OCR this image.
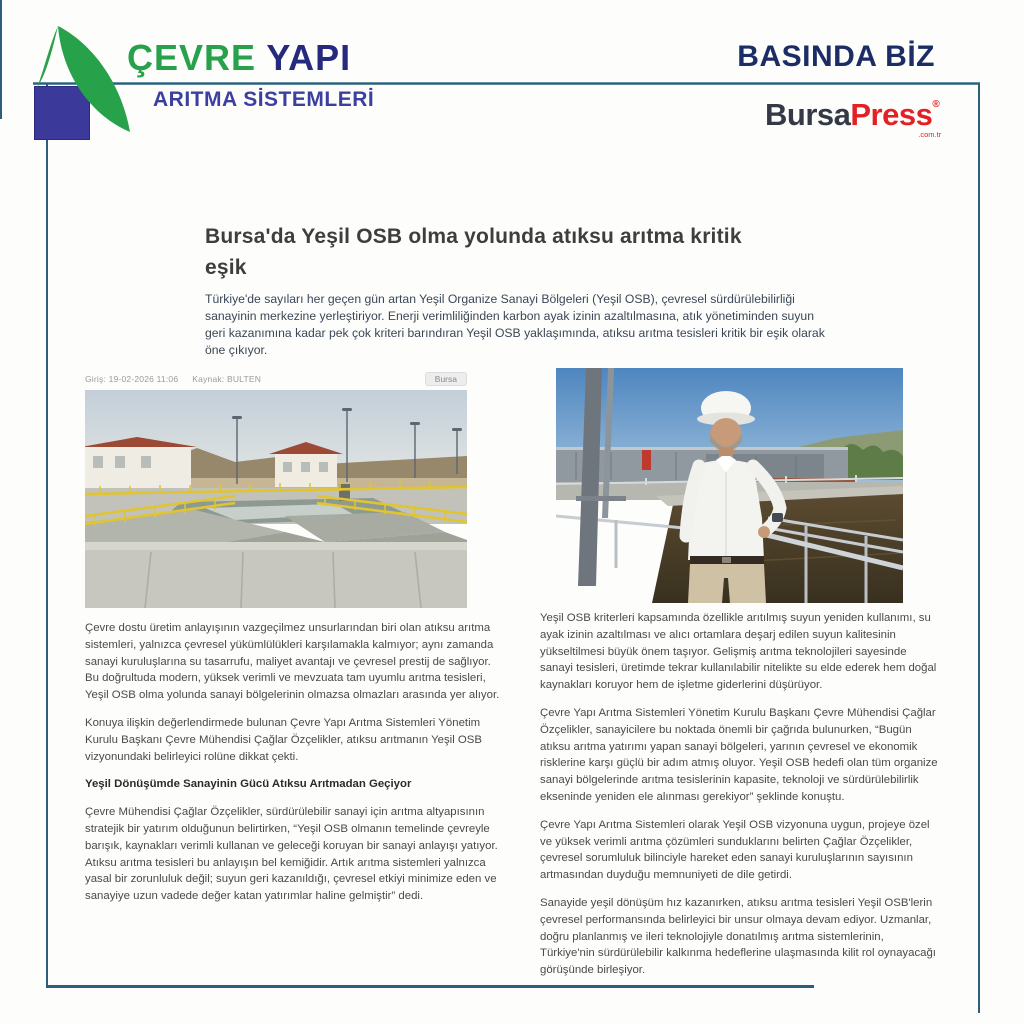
ÇEVRE YAPI
ARITMA SİSTEMLERİ
BASINDA BİZ
BursaPress®
.com.tr
Bursa'da Yeşil OSB olma yolunda atıksu arıtma kritik eşik
Türkiye'de sayıları her geçen gün artan Yeşil Organize Sanayi Bölgeleri (Yeşil OSB), çevresel sürdürülebilirliği sanayinin merkezine yerleştiriyor. Enerji verimliliğinden karbon ayak izinin azaltılmasına, atık yönetiminden suyun geri kazanımına kadar pek çok kriteri barındıran Yeşil OSB yaklaşımında, atıksu arıtma tesisleri kritik bir eşik olarak öne çıkıyor.
Giriş: 19-02-2026 11:06 Kaynak: BULTEN	Bursa

Çevre dostu üretim anlayışının vazgeçilmez unsurlarından biri olan atıksu arıtma sistemleri, yalnızca çevresel yükümlülükleri karşılamakla kalmıyor; aynı zamanda sanayi kuruluşlarına su tasarrufu, maliyet avantajı ve çevresel prestij de sağlıyor. Bu doğrultuda modern, yüksek verimli ve mevzuata tam uyumlu arıtma tesisleri, Yeşil OSB olma yolunda sanayi bölgelerinin olmazsa olmazları arasında yer alıyor.

Konuya ilişkin değerlendirmede bulunan Çevre Yapı Arıtma Sistemleri Yönetim Kurulu Başkanı Çevre Mühendisi Çağlar Özçelikler, atıksu arıtmanın Yeşil OSB vizyonundaki belirleyici rolüne dikkat çekti.

Yeşil Dönüşümde Sanayinin Gücü Atıksu Arıtmadan Geçiyor

Çevre Mühendisi Çağlar Özçelikler, sürdürülebilir sanayi için arıtma altyapısının stratejik bir yatırım olduğunun belirtirken, “Yeşil OSB olmanın temelinde çevreyle barışık, kaynakları verimli kullanan ve geleceği koruyan bir sanayi anlayışı yatıyor. Atıksu arıtma tesisleri bu anlayışın bel kemiğidir. Artık arıtma sistemleri yalnızca yasal bir zorunluluk değil; suyun geri kazanıldığı, çevresel etkiyi minimize eden ve sanayiye uzun vadede değer katan yatırımlar haline gelmiştir” dedi.

Yeşil OSB kriterleri kapsamında özellikle arıtılmış suyun yeniden kullanımı, su ayak izinin azaltılması ve alıcı ortamlara deşarj edilen suyun kalitesinin yükseltilmesi büyük önem taşıyor. Gelişmiş arıtma teknolojileri sayesinde sanayi tesisleri, üretimde tekrar kullanılabilir nitelikte su elde ederek hem doğal kaynakları koruyor hem de işletme giderlerini düşürüyor.

Çevre Yapı Arıtma Sistemleri Yönetim Kurulu Başkanı Çevre Mühendisi Çağlar Özçelikler, sanayicilere bu noktada önemli bir çağrıda bulunurken, “Bugün atıksu arıtma yatırımı yapan sanayi bölgeleri, yarının çevresel ve ekonomik risklerine karşı güçlü bir adım atmış oluyor. Yeşil OSB hedefi olan tüm organize sanayi bölgelerinde arıtma tesislerinin kapasite, teknoloji ve sürdürülebilirlik ekseninde yeniden ele alınması gerekiyor” şeklinde konuştu.

Çevre Yapı Arıtma Sistemleri olarak Yeşil OSB vizyonuna uygun, projeye özel ve yüksek verimli arıtma çözümleri sunduklarını belirten Çağlar Özçelikler, çevresel sorumluluk bilinciyle hareket eden sanayi kuruluşlarının sayısının artmasından duyduğu memnuniyeti de dile getirdi.

Sanayide yeşil dönüşüm hız kazanırken, atıksu arıtma tesisleri Yeşil OSB'lerin çevresel performansında belirleyici bir unsur olmaya devam ediyor. Uzmanlar, doğru planlanmış ve ileri teknolojiyle donatılmış arıtma sistemlerinin, Türkiye'nin sürdürülebilir kalkınma hedeflerine ulaşmasında kilit rol oynayacağı görüşünde birleşiyor.
